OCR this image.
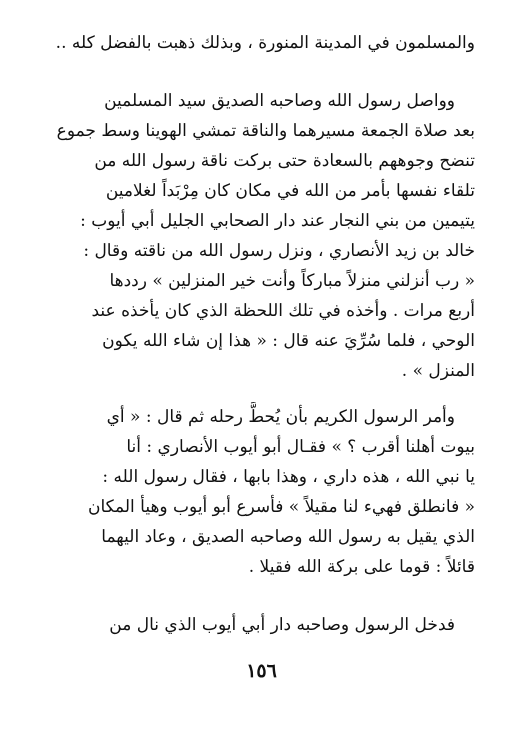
والمسلمون في المدينة المنورة ، وبذلك ذهبت بالفضل كله ..
وواصل رسول الله وصاحبه الصديق سيد المسلمين
بعد صلاة الجمعة مسيرهما والناقة تمشي الهوينا وسط جموع
تنضح وجوههم بالسعادة حتى بركت ناقة رسول الله من
تلقاء نفسها بأمر من الله في مكان كان مِرْبَداً لغلامين
يتيمين من بني النجار عند دار الصحابي الجليل أبي أيوب :
خالد بن زيد الأنصاري ، ونزل رسول الله من ناقته وقال :
« رب أنزلني منزلاً مباركاً وأنت خير المنزلين » رددها
أربع مرات . وأخذه في تلك اللحظة الذي كان يأخذه عند
الوحي ، فلما سُرِّيَ عنه قال : « هذا إن شاء الله يكون
المنزل » .
وأمر الرسول الكريم بأن يُحطَّ رحله ثم قال : « أي
بيوت أهلنا أقرب ؟ » فقـال أبو أيوب الأنصاري : أنا
يا نبي الله ، هذه داري ، وهذا بابها ، فقال رسول الله :
« فانطلق فهيء لنا مقيلاً » فأسرع أبو أيوب وهيأ المكان
الذي يقيل به رسول الله وصاحبه الصديق ، وعاد اليهما
قائلاً : قوما على بركة الله فقيلا .
فدخل الرسول وصاحبه دار أبي أيوب الذي نال من
١٥٦
